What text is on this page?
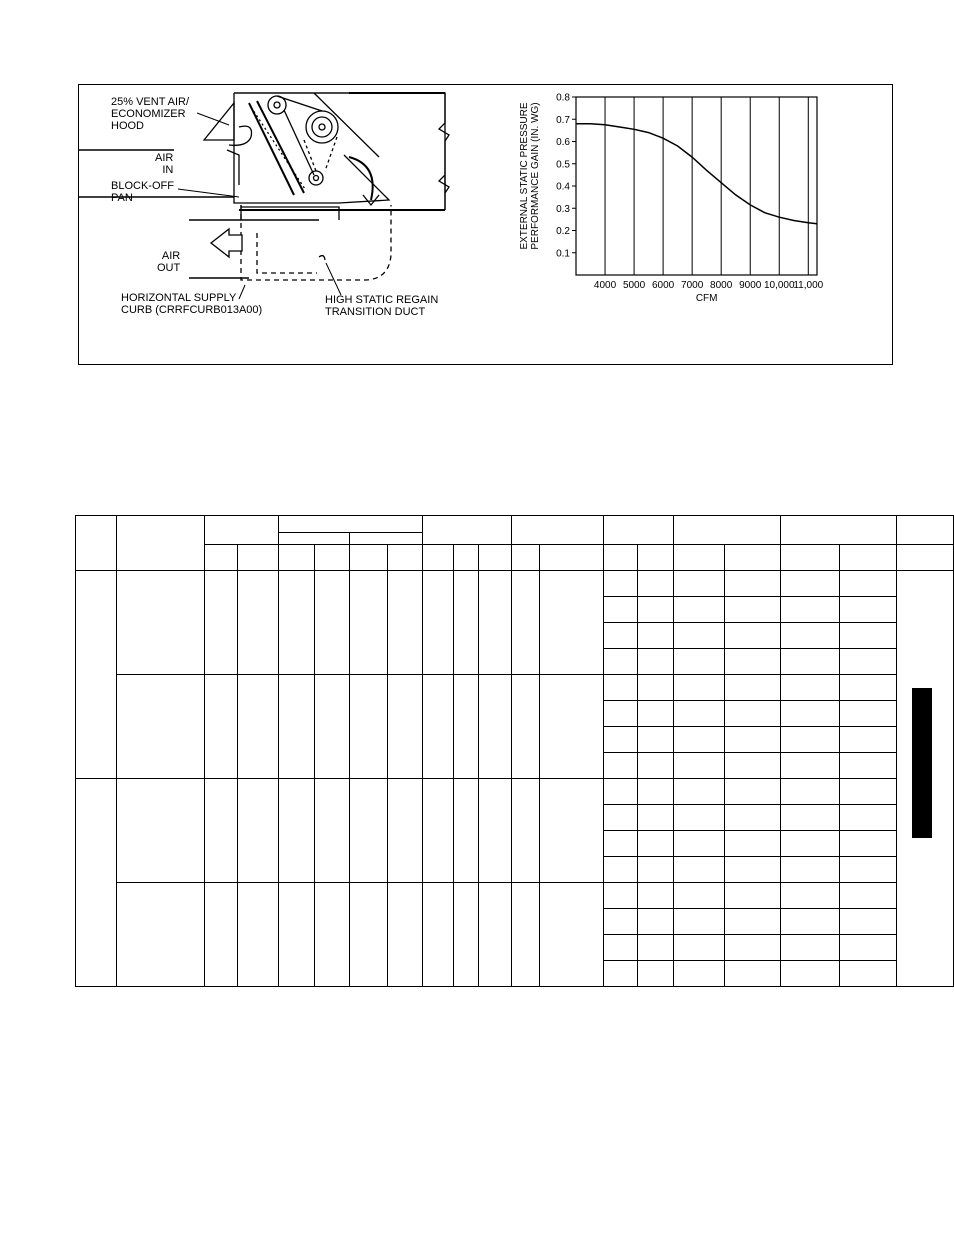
25% VENT AIR/
ECONOMIZER
HOOD
AIR
IN
BLOCK-OFF
PAN
AIR
OUT
HORIZONTAL SUPPLY
CURB (CRRFCURB013A00)
HIGH STATIC REGAIN
TRANSITION DUCT
0.1
0.2
0.3
0.4
0.5
0.6
0.7
0.8
4000 5000 6000 7000 8000 9000 10,000
11,000
CFM
EXTERNAL STATIC PRESSUREPERFORMANCE GAIN (IN. WG)
